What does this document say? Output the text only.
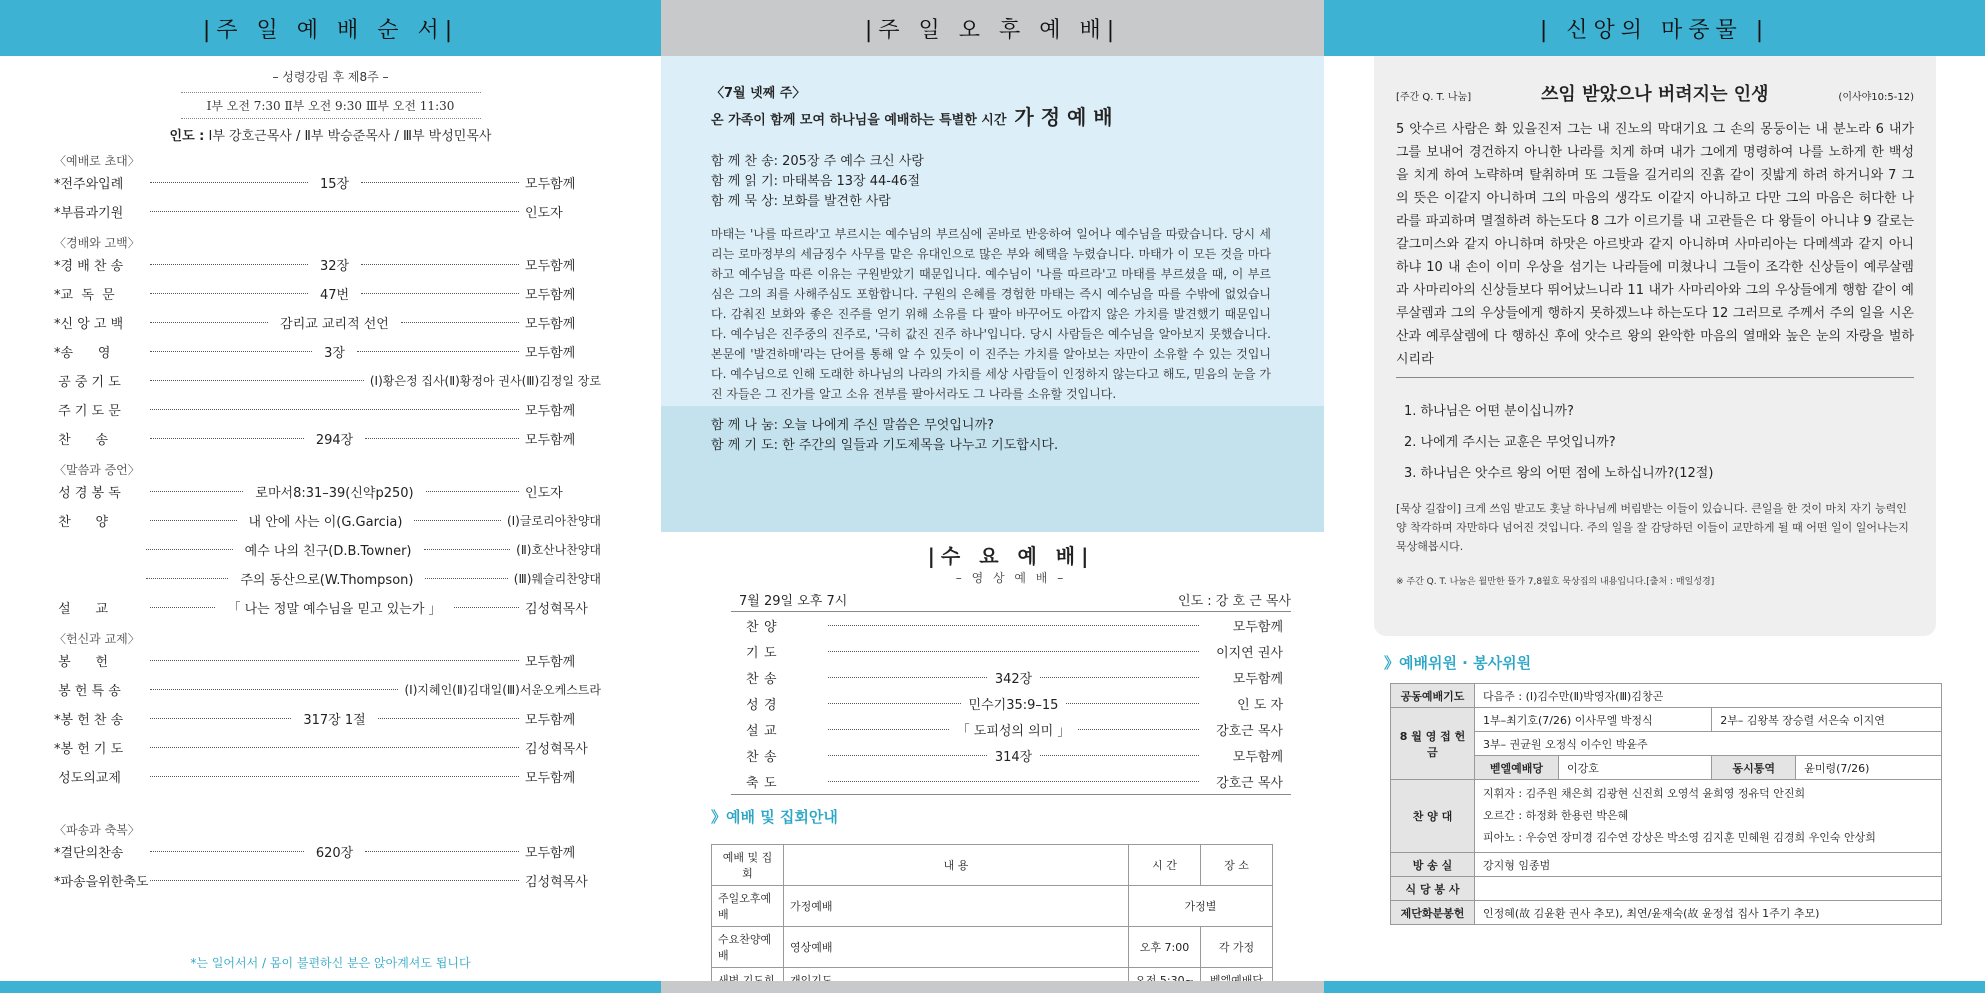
|주 일 예 배 순 서|
– 성령강림 후 제8주 –
Ⅰ부 오전 7:30 Ⅱ부 오전 9:30 Ⅲ부 오전 11:30
인도 : Ⅰ부 강호근목사 / Ⅱ부 박승준목사 / Ⅲ부 박성민목사
〈예배로 초대〉
*전주와입례	15장	모두함께
*부름과기원	인도자
〈경배와 고백〉
*경 배 찬 송	32장	모두함께
*교  독  문	47번	모두함께
*신 앙 고 백	감리교 교리적 선언	모두함께
*송      영	3장	모두함께
공 중 기 도	(Ⅰ)황은정 집사(Ⅱ)황정아 권사(Ⅲ)김정일 장로
주 기 도 문	모두함께
찬      송	294장	모두함께
〈말씀과 증언〉
성 경 봉 독	로마서8:31–39(신약p250)	인도자
찬      양	내 안에 사는 이(G.Garcia)	(Ⅰ)글로리아찬양대
예수 나의 친구(D.B.Towner)	(Ⅱ)호산나찬양대
주의 동산으로(W.Thompson)	(Ⅲ)웨슬리찬양대
설      교	「 나는 정말 예수님을 믿고 있는가 」	김성혁목사
〈헌신과 교제〉
봉      헌	모두함께
봉 헌 특 송	(Ⅰ)지혜인(Ⅱ)김대일(Ⅲ)서운오케스트라
*봉 헌 찬 송	317장 1절	모두함께
*봉 헌 기 도	김성혁목사
성도의교제	모두함께
〈파송과 축복〉
*결단의찬송	620장	모두함께
*파송을위한축도	김성혁목사
*는 일어서서 / 몸이 불편하신 분은 앉아계셔도 됩니다
|주 일 오 후 예 배|
〈7월 넷째 주〉
온 가족이 함께 모여 하나님을 예배하는 특별한 시간 가 정 예 배
함 께 찬 송: 205장 주 예수 크신 사랑
함 께 읽 기: 마태복음 13장 44-46절
함 께 묵 상: 보화를 발견한 사람
마태는 '나를 따르라'고 부르시는 예수님의 부르심에 곧바로 반응하여 일어나 예수님을 따랐습니다. 당시 세리는 로마정부의 세금징수 사무를 맡은 유대인으로 많은 부와 혜택을 누렸습니다. 마태가 이 모든 것을 마다하고 예수님을 따른 이유는 구원받았기 때문입니다. 예수님이 '나를 따르라'고 마태를 부르셨을 때, 이 부르심은 그의 죄를 사해주심도 포함합니다. 구원의 은혜를 경험한 마태는 즉시 예수님을 따를 수밖에 없었습니다. 감춰진 보화와 좋은 진주를 얻기 위해 소유를 다 팔아 바꾸어도 아깝지 않은 가치를 발견했기 때문입니다. 예수님은 진주중의 진주로, '극히 값진 진주 하나'입니다. 당시 사람들은 예수님을 알아보지 못했습니다. 본문에 '발견하매'라는 단어를 통해 알 수 있듯이 이 진주는 가치를 알아보는 자만이 소유할 수 있는 것입니다. 예수님으로 인해 도래한 하나님의 나라의 가치를 세상 사람들이 인정하지 않는다고 해도, 믿음의 눈을 가진 자들은 그 진가를 알고 소유 전부를 팔아서라도 그 나라를 소유할 것입니다.
함 께 나 눔: 오늘 나에게 주신 말씀은 무엇입니까?
함 께 기 도: 한 주간의 일들과 기도제목을 나누고 기도합시다.
|수 요 예 배|
– 영 상 예 배 –
7월 29일 오후 7시	인도 : 강 호 근 목사
찬 양	모두함께
기 도	이지연 권사
찬 송	342장	모두함께
성 경	민수기35:9–15	인 도 자
설 교	「 도피성의 의미 」	강호근 목사
찬 송	314장	모두함께
축 도	강호근 목사
》예배 및 집회안내
예배 및 집회	내 용	시 간	장 소
주일오후예배	가정예배	가정별	
수요찬양예배	영상예배	오후 7:00	각 가정

| 신앙의 마중물 |
[주간 Q. T. 나눔]	쓰임 받았으나 버려지는 인생	(이사야10:5-12)
5 앗수르 사람은 화 있을진저 그는 내 진노의 막대기요 그 손의 몽둥이는 내 분노라 6 내가 그를 보내어 경건하지 아니한 나라를 치게 하며 내가 그에게 명령하여 나를 노하게 한 백성을 치게 하여 노략하며 탈취하며 또 그들을 길거리의 진흙 같이 짓밟게 하려 하거니와 7 그의 뜻은 이같지 아니하며 그의 마음의 생각도 이같지 아니하고 다만 그의 마음은 허다한 나라를 파괴하며 멸절하려 하는도다 8 그가 이르기를 내 고관들은 다 왕들이 아니냐 9 갈로는 갈그미스와 같지 아니하며 하맛은 아르밧과 같지 아니하며 사마리아는 다메섹과 같지 아니하냐 10 내 손이 이미 우상을 섬기는 나라들에 미쳤나니 그들이 조각한 신상들이 예루살렘과 사마리아의 신상들보다 뛰어났느니라 11 내가 사마리아와 그의 우상들에게 행함 같이 예루살렘과 그의 우상들에게 행하지 못하겠느냐 하는도다 12 그러므로 주께서 주의 일을 시온 산과 예루살렘에 다 행하신 후에 앗수르 왕의 완악한 마음의 열매와 높은 눈의 자랑을 벌하시리라
1. 하나님은 어떤 분이십니까?
2. 나에게 주시는 교훈은 무엇입니까?
3. 하나님은 앗수르 왕의 어떤 점에 노하십니까?(12절)
[묵상 길잡이] 크게 쓰임 받고도 홋날 하나님께 버림받는 이들이 있습니다. 큰일을 한 것이 마치 자기 능력인 양 착각하며 자만하다 넘어진 것입니다. 주의 일을 잘 감당하던 이들이 교만하게 될 때 어떤 일이 일어나는지 묵상해봅시다.
※ 주간 Q. T. 나눔은 월만한 뜰가 7,8월호 묵상집의 내용입니다.[출처 : 매일성경]
》예배위원 · 봉사위원
공동예배기도	다음주 : (Ⅰ)김수만(Ⅱ)박영자(Ⅲ)김창곤			
8 월 영 접 헌 금	1부–최기호(7/26) 이사무엘 박정식		2부– 김왕복 장승렬 서은숙 이지연	
	3부– 권균원 오정식 이수인 박윤주			
	벧엘예배당	이강호	동시통역	윤미령(7/26)
찬 양 대	지휘자 : 김주원 채은희 김광현 신진희 오영석 윤희영 정유덕 안진희
오르간 : 하정화 한용런 박은혜
피아노 : 우승연 장미경 김수연 강상은 박소영 김지훈 민혜원 김경희 우인숙 안상희			

방 송 실	강지형 임종범			
식 당 봉 사				
제단화분봉헌	인정혜(故 김윤환 권사 추모), 최연/윤재숙(故 윤정섭 집사 1주기 추모)			
